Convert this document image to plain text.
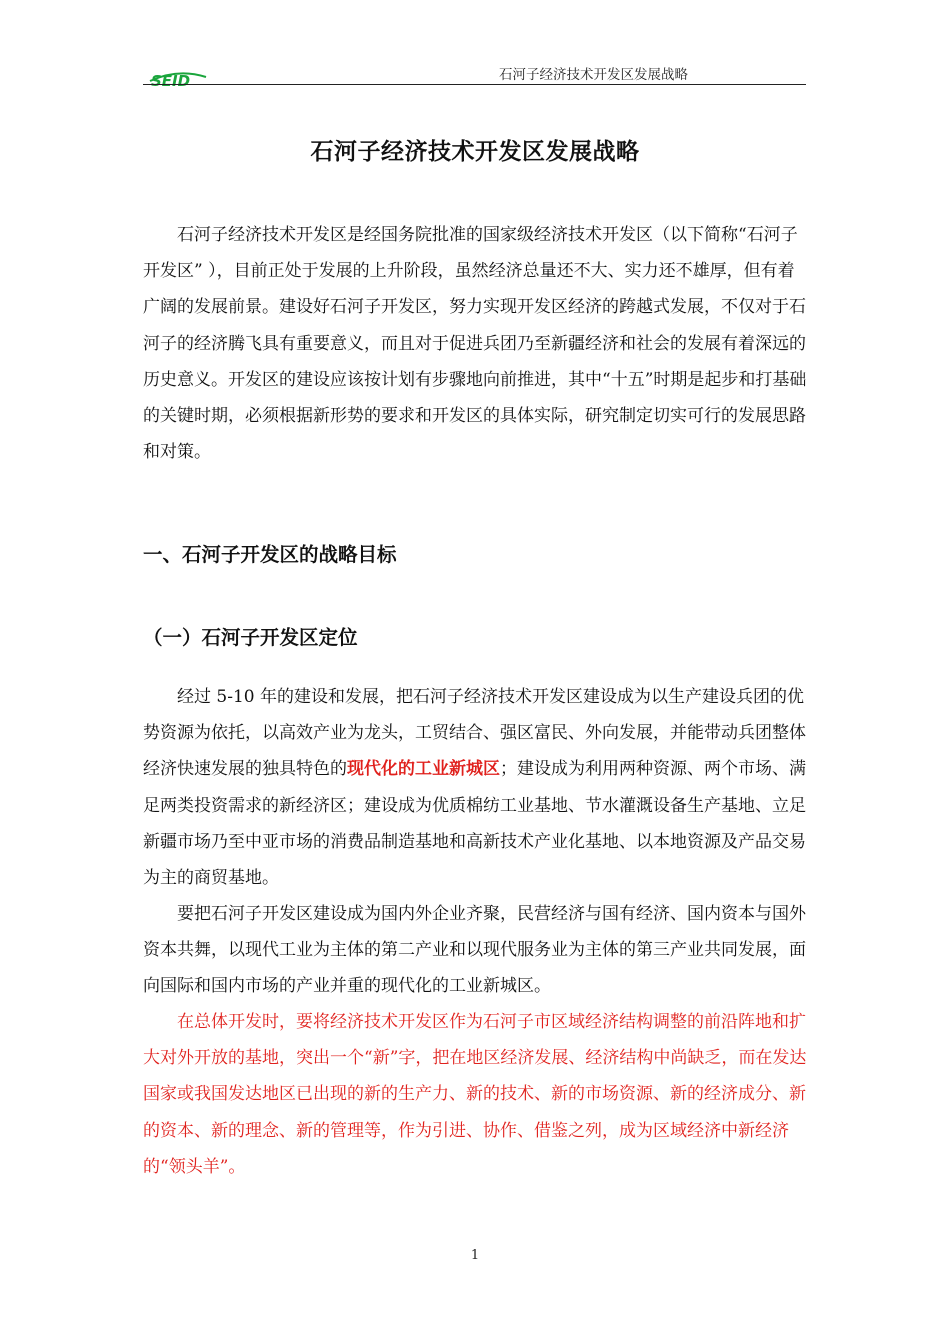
SEID	石河子经济技术开发区发展战略
石河子经济技术开发区发展战略

石河子经济技术开发区是经国务院批准的国家级经济技术开发区（以下简称“石河子开发区” ），目前正处于发展的上升阶段，虽然经济总量还不大、实力还不雄厚，但有着广阔的发展前景。建设好石河子开发区，努力实现开发区经济的跨越式发展，不仅对于石河子的经济腾飞具有重要意义，而且对于促进兵团乃至新疆经济和社会的发展有着深远的历史意义。开发区的建设应该按计划有步骤地向前推进，其中“十五”时期是起步和打基础的关键时期，必须根据新形势的要求和开发区的具体实际，研究制定切实可行的发展思路和对策。

一、石河子开发区的战略目标
（一）石河子开发区定位

经过 5-10 年的建设和发展，把石河子经济技术开发区建设成为以生产建设兵团的优势资源为依托，以高效产业为龙头，工贸结合、强区富民、外向发展，并能带动兵团整体经济快速发展的独具特色的现代化的工业新城区；建设成为利用两种资源、两个市场、满足两类投资需求的新经济区；建设成为优质棉纺工业基地、节水灌溉设备生产基地、立足新疆市场乃至中亚市场的消费品制造基地和高新技术产业化基地、以本地资源及产品交易为主的商贸基地。

要把石河子开发区建设成为国内外企业齐聚，民营经济与国有经济、国内资本与国外资本共舞，以现代工业为主体的第二产业和以现代服务业为主体的第三产业共同发展，面向国际和国内市场的产业并重的现代化的工业新城区。

在总体开发时，要将经济技术开发区作为石河子市区域经济结构调整的前沿阵地和扩大对外开放的基地，突出一个“新”字，把在地区经济发展、经济结构中尚缺乏，而在发达国家或我国发达地区已出现的新的生产力、新的技术、新的市场资源、新的经济成分、新的资本、新的理念、新的管理等，作为引进、协作、借鉴之列，成为区域经济中新经济的“领头羊”。

1
